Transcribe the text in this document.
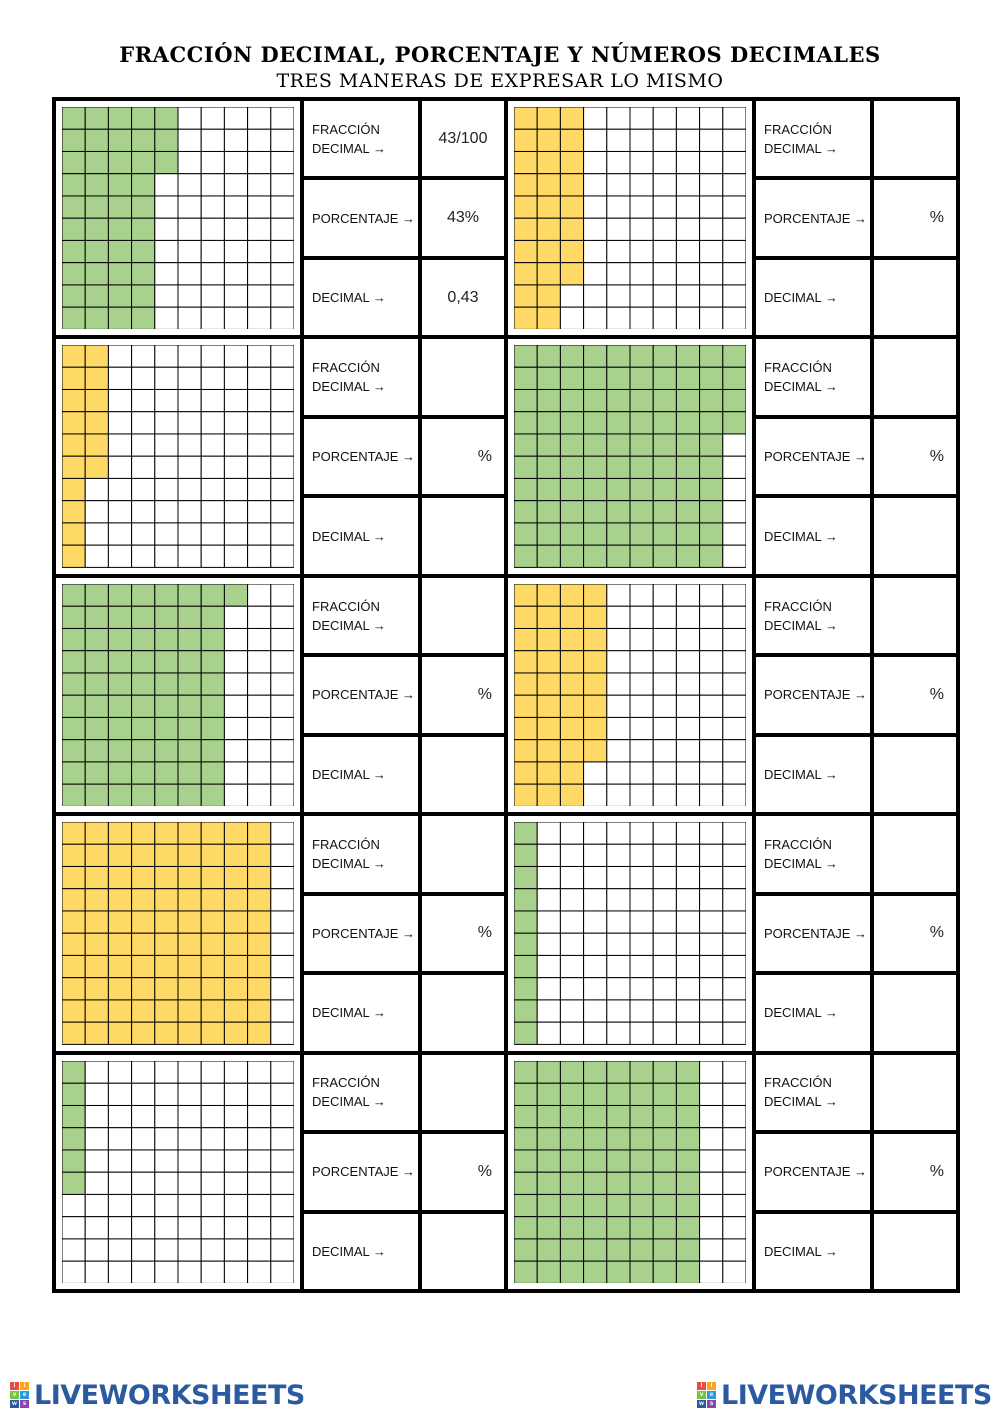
FRACCIÓN DECIMAL, PORCENTAJE Y NÚMEROS DECIMALES
TRES MANERAS DE EXPRESAR LO MISMO
FRACCIÓN
DECIMAL →
43/100
PORCENTAJE → 43%
DECIMAL →	0,43
FRACCIÓN
DECIMAL →
PORCENTAJE →	%
DECIMAL →
FRACCIÓN
DECIMAL →
PORCENTAJE →	%
DECIMAL →
FRACCIÓN
DECIMAL →
PORCENTAJE →	%
DECIMAL →
FRACCIÓN
DECIMAL →
PORCENTAJE →	%
DECIMAL →
FRACCIÓN
DECIMAL →
PORCENTAJE →	%
DECIMAL →
FRACCIÓN
DECIMAL →
PORCENTAJE →	%
DECIMAL →
FRACCIÓN
DECIMAL →
PORCENTAJE →	%
DECIMAL →
FRACCIÓN
DECIMAL →
PORCENTAJE →	%
DECIMAL →
FRACCIÓN
DECIMAL →
PORCENTAJE →	%
DECIMAL →
l	i
v	e
w	s LIVEWORKSHEETS	l	i
v	e
w	s LIVEWORKSHEETS
